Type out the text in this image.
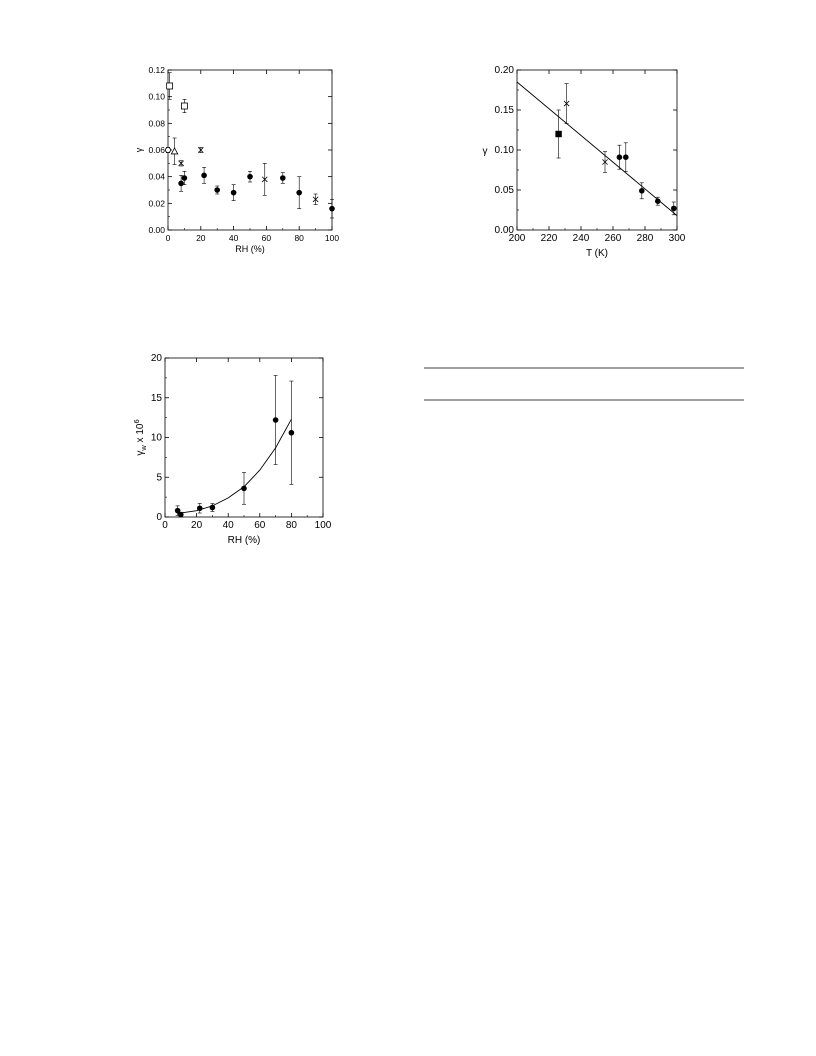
0	20	40	60	80 100
0.00
0.02
0.04
0.06
0.08
0.10
0.12
RH (%)
γ
200 220 240 260 280 300
0.00
0.05
0.10
0.15
0.20
T (K)
γ
0 20 40 60 80 100
0
5
10
15
20
RH (%)
$\gamma_w$ x $10^6$
